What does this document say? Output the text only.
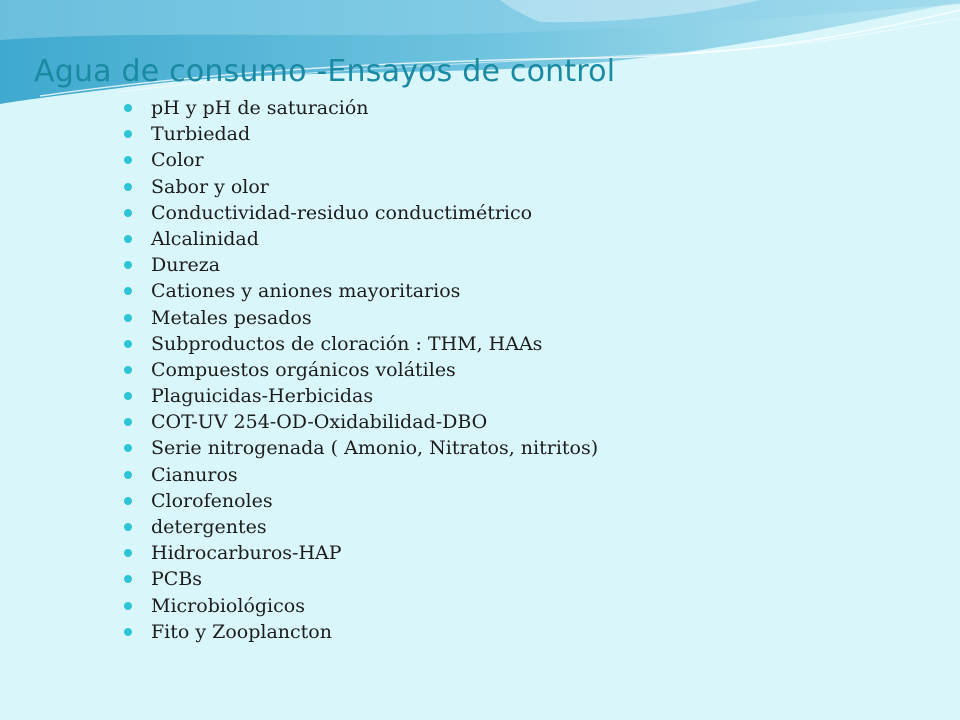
Agua de consumo -Ensayos de control
pH y pH de saturación
Turbiedad
Color
Sabor y olor
Conductividad-residuo conductimétrico
Alcalinidad
Dureza
Cationes y aniones mayoritarios
Metales pesados
Subproductos de cloración : THM, HAAs
Compuestos orgánicos volátiles
Plaguicidas-Herbicidas
COT-UV 254-OD-Oxidabilidad-DBO
Serie nitrogenada ( Amonio, Nitratos, nitritos)
Cianuros
Clorofenoles
detergentes
Hidrocarburos-HAP
PCBs
Microbiológicos
Fito y Zooplancton
